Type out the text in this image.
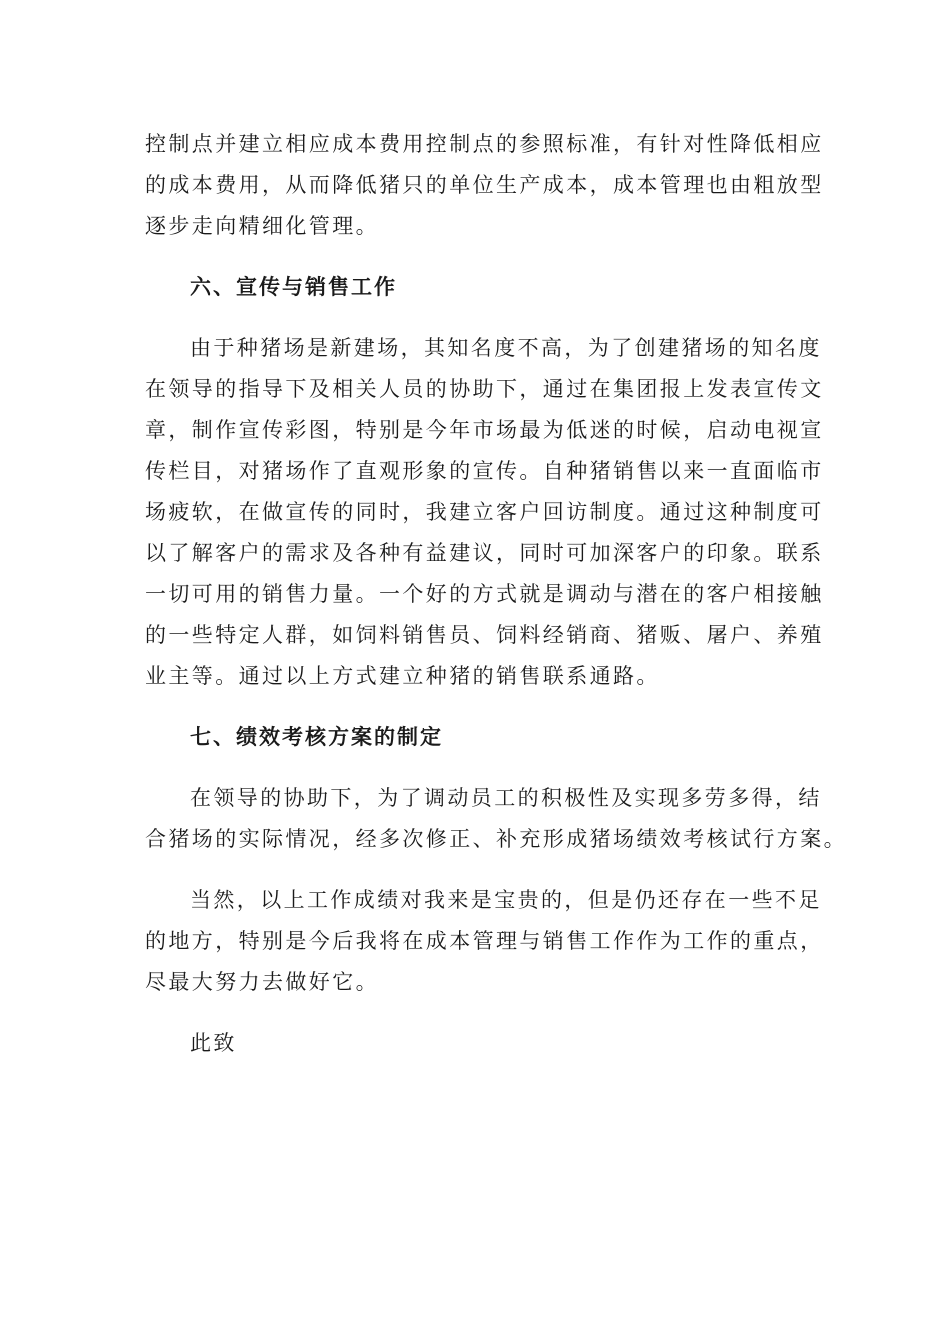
控制点并建立相应成本费用控制点的参照标准，有针对性降低相应
的成本费用，从而降低猪只的单位生产成本，成本管理也由粗放型
逐步走向精细化管理。
六、宣传与销售工作
由于种猪场是新建场，其知名度不高，为了创建猪场的知名度
在领导的指导下及相关人员的协助下，通过在集团报上发表宣传文
章，制作宣传彩图，特别是今年市场最为低迷的时候，启动电视宣
传栏目，对猪场作了直观形象的宣传。自种猪销售以来一直面临市
场疲软，在做宣传的同时，我建立客户回访制度。通过这种制度可
以了解客户的需求及各种有益建议，同时可加深客户的印象。联系
一切可用的销售力量。一个好的方式就是调动与潜在的客户相接触
的一些特定人群，如饲料销售员、饲料经销商、猪贩、屠户、养殖
业主等。通过以上方式建立种猪的销售联系通路。
七、绩效考核方案的制定
在领导的协助下，为了调动员工的积极性及实现多劳多得，结
合猪场的实际情况，经多次修正、补充形成猪场绩效考核试行方案。
当然，以上工作成绩对我来是宝贵的，但是仍还存在一些不足
的地方，特别是今后我将在成本管理与销售工作作为工作的重点，
尽最大努力去做好它。
此致
